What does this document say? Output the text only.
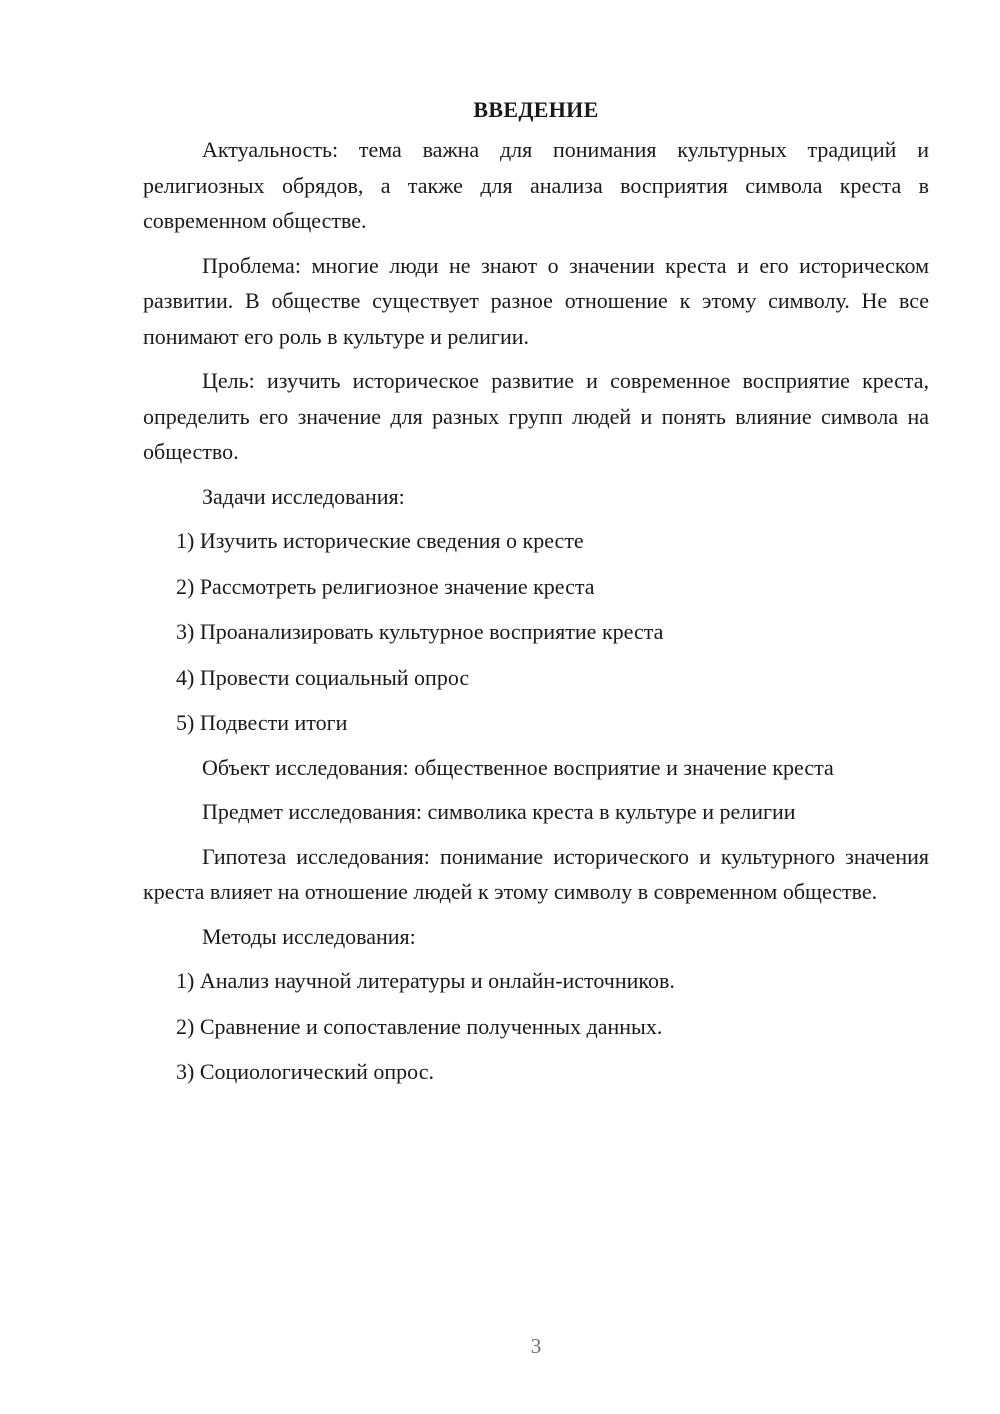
ВВЕДЕНИЕ

Актуальность: тема важна для понимания культурных традиций и религиозных обрядов, а также для анализа восприятия символа креста в современном обществе.

Проблема: многие люди не знают о значении креста и его историческом развитии. В обществе существует разное отношение к этому символу. Не все понимают его роль в культуре и религии.

Цель: изучить историческое развитие и современное восприятие креста, определить его значение для разных групп людей и понять влияние символа на общество.

Задачи исследования:

1) Изучить исторические сведения о кресте
2) Рассмотреть религиозное значение креста
3) Проанализировать культурное восприятие креста
4) Провести социальный опрос
5) Подвести итоги

Объект исследования: общественное восприятие и значение креста

Предмет исследования: символика креста в культуре и религии

Гипотеза исследования: понимание исторического и культурного значения креста влияет на отношение людей к этому символу в современном обществе.

Методы исследования:

1) Анализ научной литературы и онлайн-источников.
2) Сравнение и сопоставление полученных данных.
3) Социологический опрос.
3
